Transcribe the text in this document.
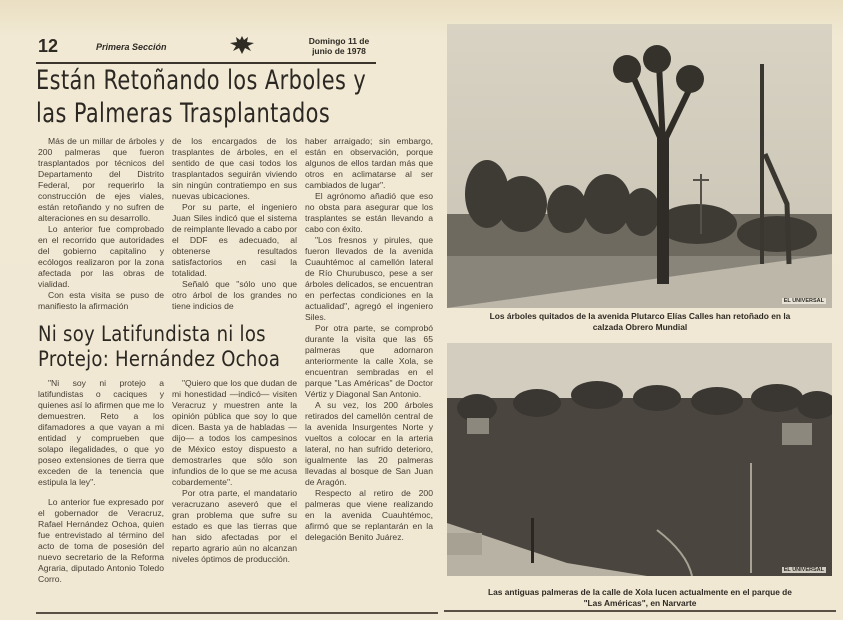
12	Primera Sección
Domingo 11 de
junio de 1978
Están Retoñando los Arboles y
las Palmeras Trasplantados

Más de un millar de árboles y 200 palmeras que fueron trasplantados por técnicos del Departamento del Distrito Federal, por requerirlo la construcción de ejes viales, están retoñando y no sufren de alteraciones en su desarrollo.

Lo anterior fue comprobado en el recorrido que autoridades del gobierno capitalino y ecólogos realizaron por la zona afectada por las obras de vialidad.

Con esta visita se puso de manifiesto la afirmación

de los encargados de los trasplantes de árboles, en el sentido de que casi todos los trasplantados seguirán viviendo sin ningún contratiempo en sus nuevas ubicaciones.

Por su parte, el ingeniero Juan Siles indicó que el sistema de reimplante llevado a cabo por el DDF es adecuado, al obtenerse resultados satisfactorios en casi la totalidad.

Señaló que "sólo uno que otro árbol de los grandes no tiene indicios de

haber arraigado; sin embargo, están en observación, porque algunos de ellos tardan más que otros en aclimatarse al ser cambiados de lugar".

El agrónomo añadió que eso no obsta para asegurar que los trasplantes se están llevando a cabo con éxito.

"Los fresnos y pirules, que fueron llevados de la avenida Cuauhtémoc al camellón lateral de Río Churubusco, pese a ser árboles delicados, se encuentran en perfectas condiciones en la actualidad", agregó el ingeniero Siles.

Por otra parte, se comprobó durante la visita que las 65 palmeras que adornaron anteriormente la calle Xola, se encuentran sembradas en el parque "Las Américas" de Doctor Vértiz y Diagonal San Antonio.

A su vez, los 200 árboles retirados del camellón central de la avenida Insurgentes Norte y vueltos a colocar en la arteria lateral, no han sufrido deterioro, igualmente las 20 palmeras llevadas al bosque de San Juan de Aragón.

Respecto al retiro de 200 palmeras que viene realizando en la avenida Cuauhtémoc, afirmó que se replantarán en la delegación Benito Juárez.

Ni soy Latifundista ni los
Protejo: Hernández Ochoa

"Ni soy ni protejo a latifundistas o caciques y quienes así lo afirmen que me lo demuestren. Reto a los difamadores a que vayan a mi entidad y comprueben que solapo ilegalidades, o que yo poseo extensiones de tierra que exceden de la tenencia que estipula la ley".

Lo anterior fue expresado por el gobernador de Veracruz, Rafael Hernández Ochoa, quien fue entrevistado al término del acto de toma de posesión del nuevo secretario de la Reforma Agraria, diputado Antonio Toledo Corro.

"Quiero que los que dudan de mi honestidad —indicó— visiten Veracruz y muestren ante la opinión pública que soy lo que dicen. Basta ya de habladas —dijo— a todos los campesinos de México estoy dispuesto a demostrarles que sólo son infundios de lo que se me acusa cobardemente".

Por otra parte, el mandatario veracruzano aseveró que el gran problema que sufre su estado es que las tierras que han sido afectadas por el reparto agrario aún no alcanzan niveles óptimos de producción.

EL UNIVERSAL
Los árboles quitados de la avenida Plutarco Elías Calles han retoñado en la
calzada Obrero Mundial
EL UNIVERSAL
Las antiguas palmeras de la calle de Xola lucen actualmente en el parque de
"Las Américas", en Narvarte
